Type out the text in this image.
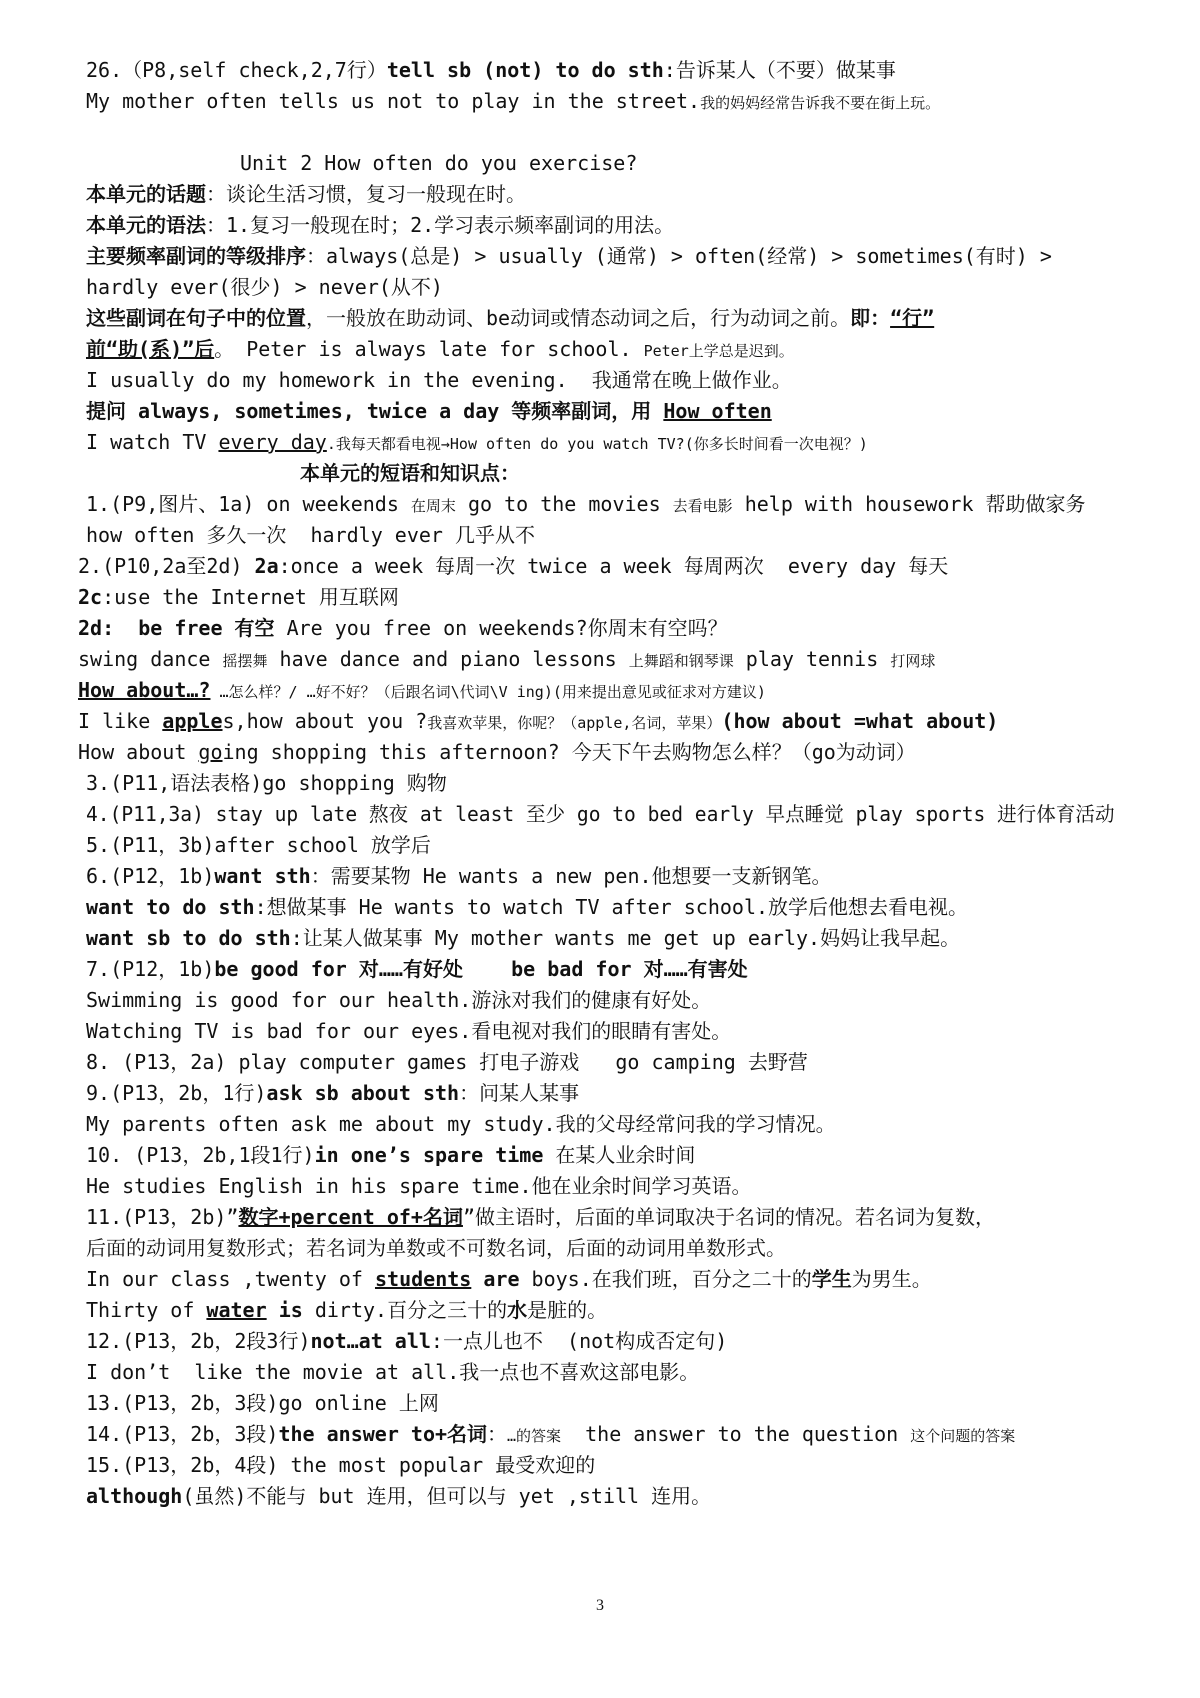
26.（P8,self check,2,7行）tell sb (not) to do sth:告诉某人（不要）做某事
My mother often tells us not to play in the street.我的妈妈经常告诉我不要在街上玩。
Unit 2 How often do you exercise?
本单元的话题：谈论生活习惯，复习一般现在时。
本单元的语法：1.复习一般现在时；2.学习表示频率副词的用法。
主要频率副词的等级排序：always(总是) > usually (通常) > often(经常) > sometimes(有时) >
hardly ever(很少) > never(从不)
这些副词在句子中的位置，一般放在助动词、be动词或情态动词之后，行为动词之前。即：“行”
前“助(系)”后。 Peter is always late for school. Peter上学总是迟到。
I usually do my homework in the evening.  我通常在晚上做作业。
提问 always, sometimes, twice a day 等频率副词，用 How often
I watch TV every day.我每天都看电视→How often do you watch TV?(你多长时间看一次电视？)
本单元的短语和知识点：
1.(P9,图片、1a) on weekends 在周末 go to the movies 去看电影 help with housework 帮助做家务
how often 多久一次  hardly ever 几乎从不
2.(P10,2a至2d) 2a:once a week 每周一次 twice a week 每周两次  every day 每天
2c:use the Internet 用互联网
2d:  be free 有空 Are you free on weekends?你周末有空吗？
swing dance 摇摆舞 have dance and piano lessons 上舞蹈和钢琴课 play tennis 打网球
How about…? …怎么样？/ …好不好？（后跟名词\代词\V ing)(用来提出意见或征求对方建议)
I like apples,how about you ?我喜欢苹果，你呢？（apple,名词，苹果）(how about =what about)
How about going shopping this afternoon? 今天下午去购物怎么样？（go为动词）
3.(P11,语法表格)go shopping 购物
4.(P11,3a) stay up late 熬夜 at least 至少 go to bed early 早点睡觉 play sports 进行体育活动
5.(P11，3b)after school 放学后
6.(P12，1b)want sth：需要某物 He wants a new pen.他想要一支新钢笔。
want to do sth:想做某事 He wants to watch TV after school.放学后他想去看电视。
want sb to do sth:让某人做某事 My mother wants me get up early.妈妈让我早起。
7.(P12，1b)be good for 对……有好处    be bad for 对……有害处
Swimming is good for our health.游泳对我们的健康有好处。
Watching TV is bad for our eyes.看电视对我们的眼睛有害处。
8. (P13，2a) play computer games 打电子游戏   go camping 去野营
9.(P13，2b，1行)ask sb about sth：问某人某事
My parents often ask me about my study.我的父母经常问我的学习情况。
10. (P13，2b,1段1行)in one’s spare time 在某人业余时间
He studies English in his spare time.他在业余时间学习英语。
11.(P13，2b)”数字+percent of+名词”做主语时，后面的单词取决于名词的情况。若名词为复数，
后面的动词用复数形式；若名词为单数或不可数名词，后面的动词用单数形式。
In our class ,twenty of students are boys.在我们班，百分之二十的学生为男生。
Thirty of water is dirty.百分之三十的水是脏的。
12.(P13，2b，2段3行)not…at all:一点儿也不  (not构成否定句)
I don’t  like the movie at all.我一点也不喜欢这部电影。
13.(P13，2b，3段)go online 上网
14.(P13，2b，3段)the answer to+名词：…的答案  the answer to the question 这个问题的答案
15.(P13，2b，4段) the most popular 最受欢迎的
although(虽然)不能与 but 连用，但可以与 yet ,still 连用。
3
